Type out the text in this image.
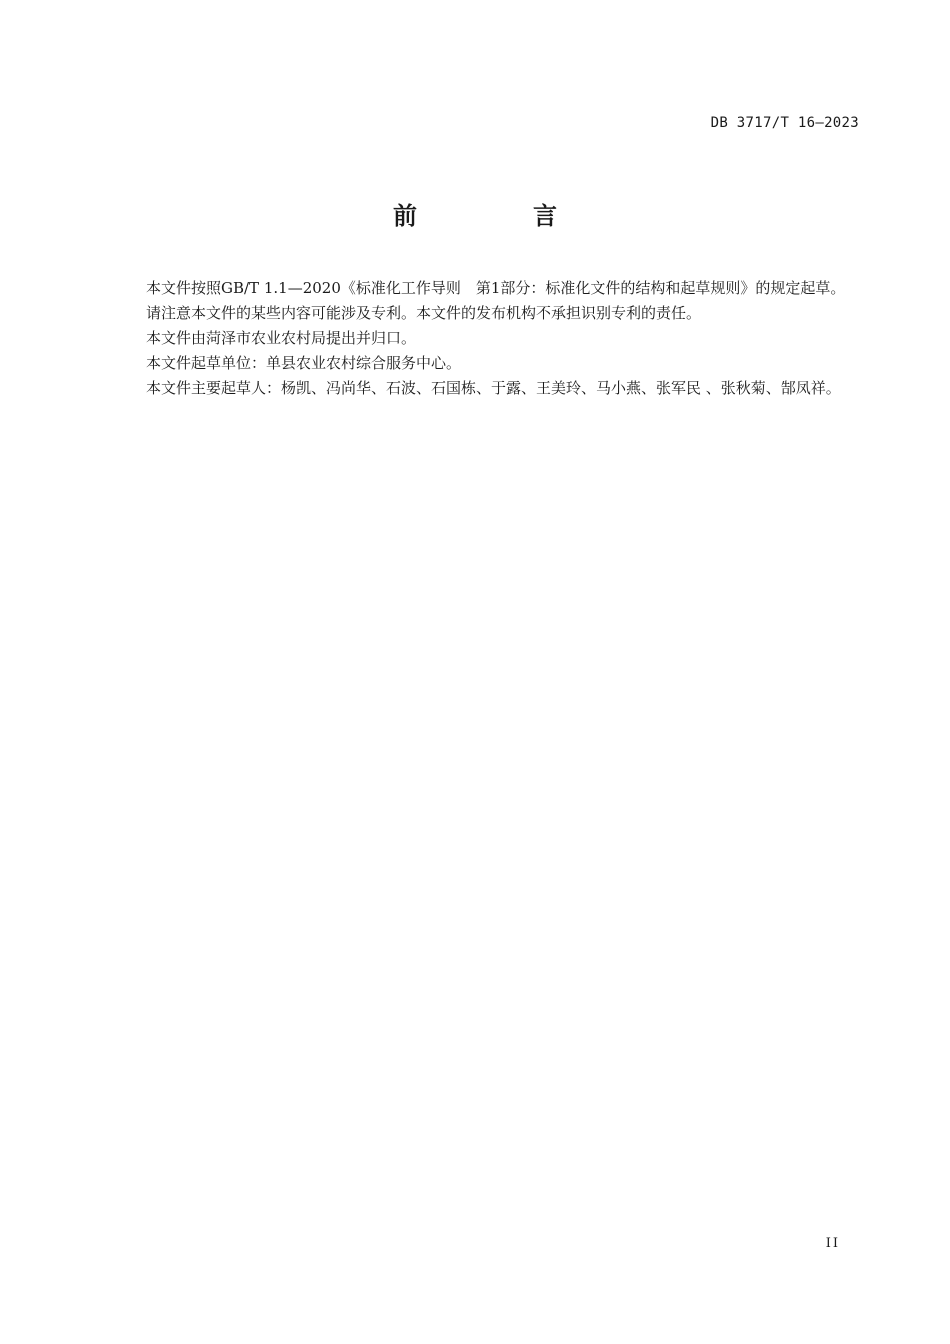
DB 3717/T 16—2023
前　言

本文件按照GB/T 1.1—2020《标准化工作导则　第1部分：标准化文件的结构和起草规则》的规定起草。

请注意本文件的某些内容可能涉及专利。本文件的发布机构不承担识别专利的责任。

本文件由菏泽市农业农村局提出并归口。

本文件起草单位：单县农业农村综合服务中心。

本文件主要起草人：杨凯、冯尚华、石波、石国栋、于露、王美玲、马小燕、张军民 、张秋菊、郜凤祥。

II
